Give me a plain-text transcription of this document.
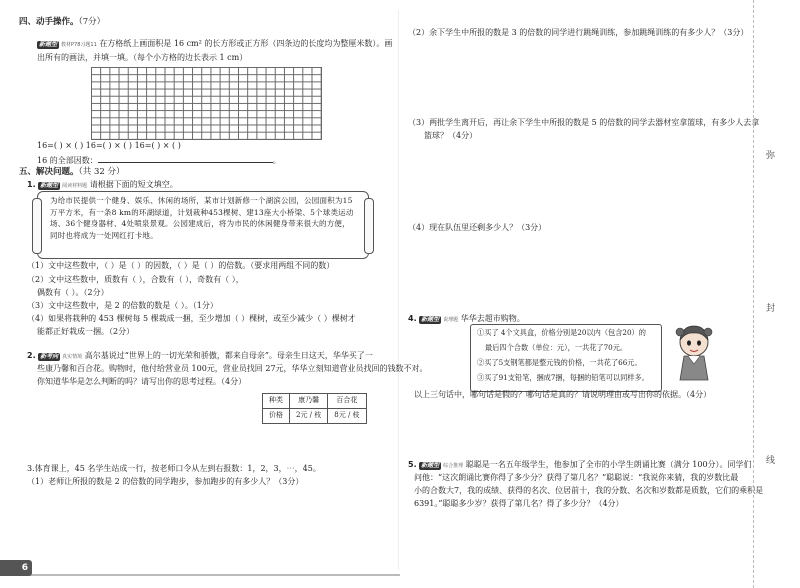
四、动手操作。（7分）
新题型 教材P78习题11 在方格纸上画面积是 16 cm² 的长方形或正方形（四条边的长度均为整厘米数）。画
出所有的画法，并填一填。（每个小方格的边长表示 1 cm）
16=( ) × ( ) 16=( ) × ( ) 16=( ) × ( )
16 的全部因数：	。
五、解决问题。（共 32 分）
1. 新题型 阅读材料题 请根据下面的短文填空。
为给市民提供一个健身、娱乐、休闲的场所，某市计划新修一个湖滨公园，公园面积为15万平方米，有一条8 km的环湖绿道，计划栽种453棵树、建13座大小桥梁、5个球类运动场、36个健身器材、4处喷泉景观。公园建成后，将为市民的休闲健身带来很大的方便，同时也将成为一处网红打卡地。
（1）文中这些数中，（ ）是（ ）的因数，（ ）是（ ）的倍数。（要求用两组不同的数）
（2）文中这些数中，质数有（ ），合数有（ ），奇数有（ ），
偶数有（ ）。（2分）
（3）文中这些数中，是 2 的倍数的数是（ ）。（1分）
（4）如果将栽种的 453 棵树每 5 棵栽成一捆，至少增加（ ）棵树，或至少减少（ ）棵树才
能都正好栽成一捆。（2分）
2. 新考向 真实情境 高尔基说过“世界上的一切光荣和骄傲，都来自母亲”。母亲生日这天，华华买了一
些康乃馨和百合花。购物时，他付给营业员 100元，营业员找回 27元，华华立刻知道营业员找回的钱数不对。
你知道华华是怎么判断的吗？请写出你的思考过程。（4分）
种类	康乃馨	百合花
价格	2元 / 枝	8元 / 枝
3.体育课上，45 名学生站成一行，按老师口令从左到右报数：1，2，3，⋯，45。
（1）老师让所报的数是 2 的倍数的同学跑步，参加跑步的有多少人？（3分）
6
（2）余下学生中所报的数是 3 的倍数的同学进行跳绳训练，参加跳绳训练的有多少人？（3分）
（3）两批学生离开后，再让余下学生中所报的数是 5 的倍数的同学去器材室拿篮球，有多少人去拿
篮球？（4分）
（4）现在队伍里还剩多少人？（3分）
4. 新题型 说理题 华华去超市购物。
①买了 4个文具盒，价格分别是20以内（包含20）的
最后四个合数（单位：元），一共花了70元。
②买了5支钢笔都是整元钱的价格，一共花了66元。
③买了91支铅笔，捆成7捆，每捆的铅笔可以同样多。
以上三句话中，哪句话是假的？哪句话是真的？请说明理由或写出你的依据。（4分）
5. 新题型 综合推理 聪聪是一名五年级学生，他参加了全市的小学生朗诵比赛（满分 100分）。同学们
问他：“这次朗诵比赛你得了多少分？获得了第几名？”聪聪说：“我说你来猜，我的岁数比最
小的合数大7，我的成绩、获得的名次、位居前十，我的分数、名次和岁数都是质数，它们的乘积是
6391。”聪聪多少岁？获得了第几名？得了多少分？（4分）
弥
封
线
